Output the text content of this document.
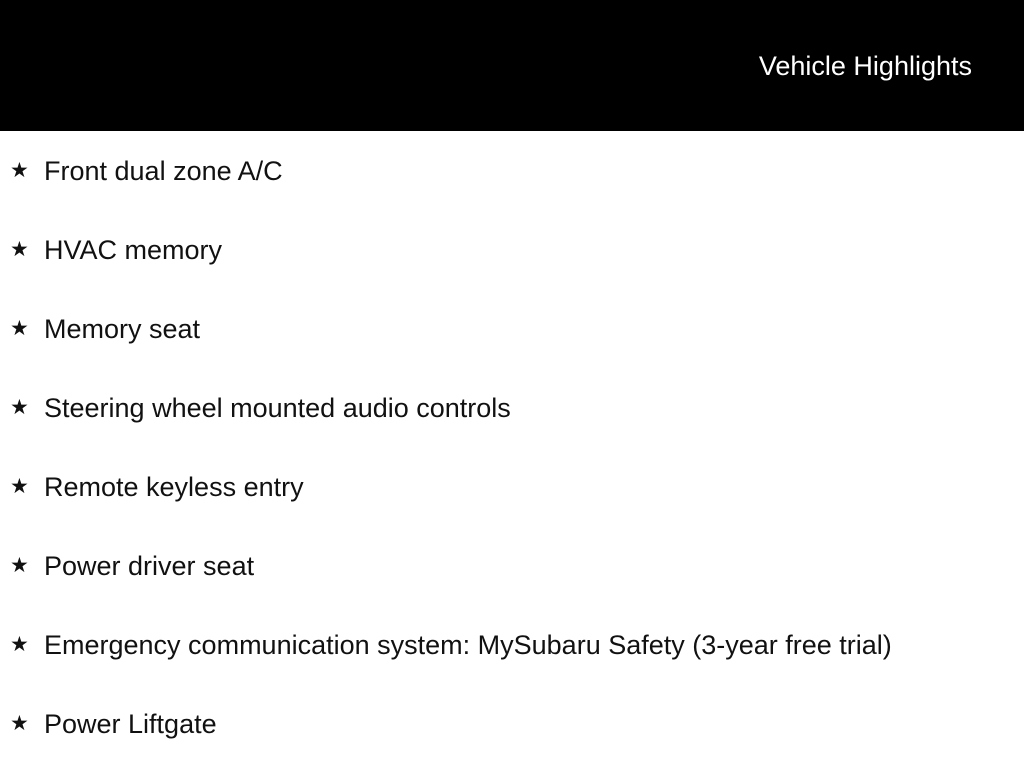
Vehicle Highlights
★ Front dual zone A/C
★ HVAC memory
★ Memory seat
★ Steering wheel mounted audio controls
★ Remote keyless entry
★ Power driver seat
★ Emergency communication system: MySubaru Safety (3-year free trial)
★ Power Liftgate
